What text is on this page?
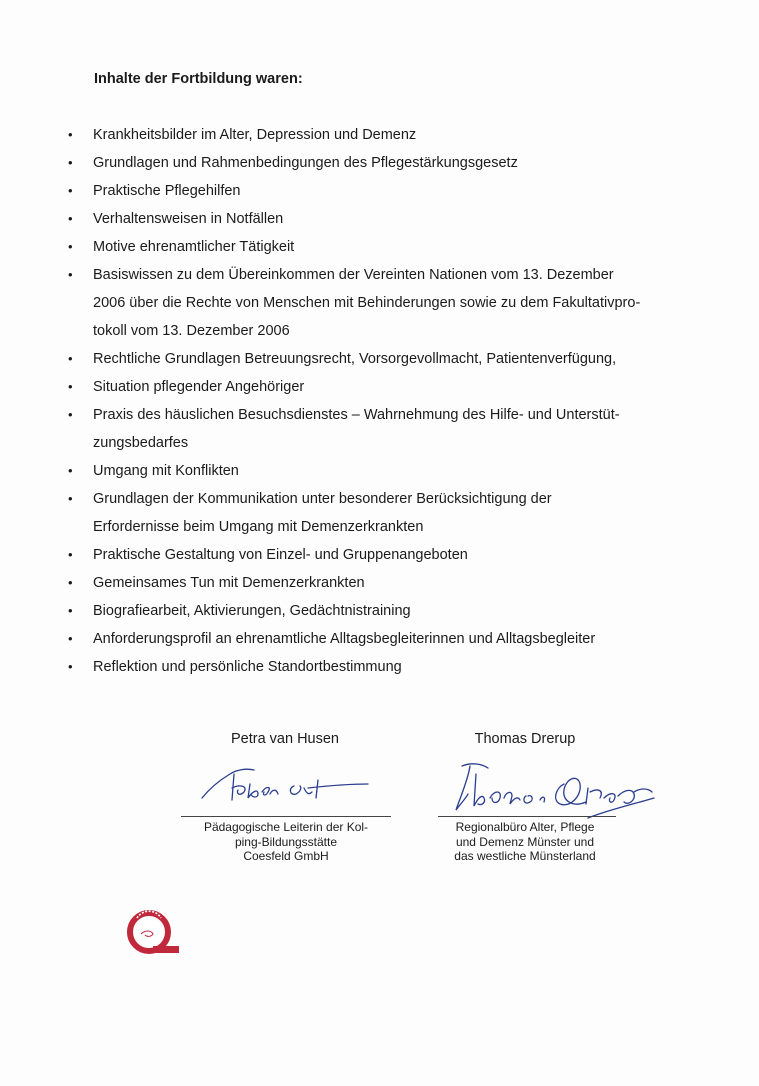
Inhalte der Fortbildung waren:
• Krankheitsbilder im Alter, Depression und Demenz
• Grundlagen und Rahmenbedingungen des Pflegestärkungsgesetz
• Praktische Pflegehilfen
• Verhaltensweisen in Notfällen
• Motive ehrenamtlicher Tätigkeit
• Basiswissen zu dem Übereinkommen der Vereinten Nationen vom 13. Dezember
2006 über die Rechte von Menschen mit Behinderungen sowie zu dem Fakultativpro-
tokoll vom 13. Dezember 2006
• Rechtliche Grundlagen Betreuungsrecht, Vorsorgevollmacht, Patientenverfügung,
• Situation pflegender Angehöriger
• Praxis des häuslichen Besuchsdienstes – Wahrnehmung des Hilfe- und Unterstüt-
zungsbedarfes
• Umgang mit Konflikten
• Grundlagen der Kommunikation unter besonderer Berücksichtigung der
Erfordernisse beim Umgang mit Demenzerkrankten
• Praktische Gestaltung von Einzel- und Gruppenangeboten
• Gemeinsames Tun mit Demenzerkrankten
• Biografiearbeit, Aktivierungen, Gedächtnistraining
• Anforderungsprofil an ehrenamtliche Alltagsbegleiterinnen und Alltagsbegleiter
• Reflektion und persönliche Standortbestimmung
Petra van Husen
Pädagogische Leiterin der Kol-
ping-Bildungsstätte
Coesfeld GmbH
Thomas Drerup
Regionalbüro Alter, Pflege
und Demenz Münster und
das westliche Münsterland
